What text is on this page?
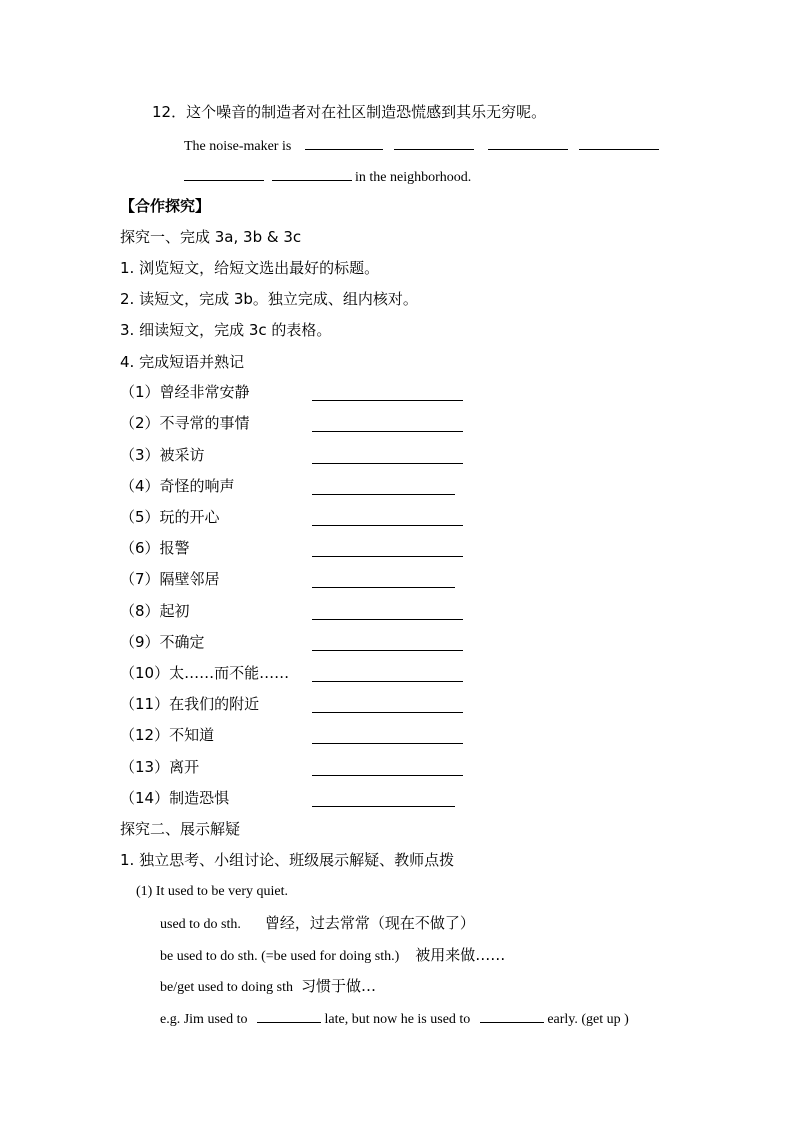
12．这个噪音的制造者对在社区制造恐慌感到其乐无穷呢。
The noise-maker is
in the neighborhood.
【合作探究】
探究一、完成 3a, 3b & 3c
1. 浏览短文，给短文选出最好的标题。
2. 读短文，完成 3b。独立完成、组内核对。
3. 细读短文，完成 3c 的表格。
4. 完成短语并熟记
（1）曾经非常安静
（2）不寻常的事情
（3）被采访
（4）奇怪的响声
（5）玩的开心
（6）报警
（7）隔壁邻居
（8）起初
（9）不确定
（10）太……而不能……
（11）在我们的附近
（12）不知道
（13）离开
（14）制造恐惧
探究二、展示解疑
1. 独立思考、小组讨论、班级展示解疑、教师点拨
(1) It used to be very quiet.
used to do sth. 曾经，过去常常（现在不做了）
be used to do sth. (=be used for doing sth.) 被用来做……
be/get used to doing sth 习惯于做…
e.g. Jim used to	late, but now he is used to	early. (get up )
